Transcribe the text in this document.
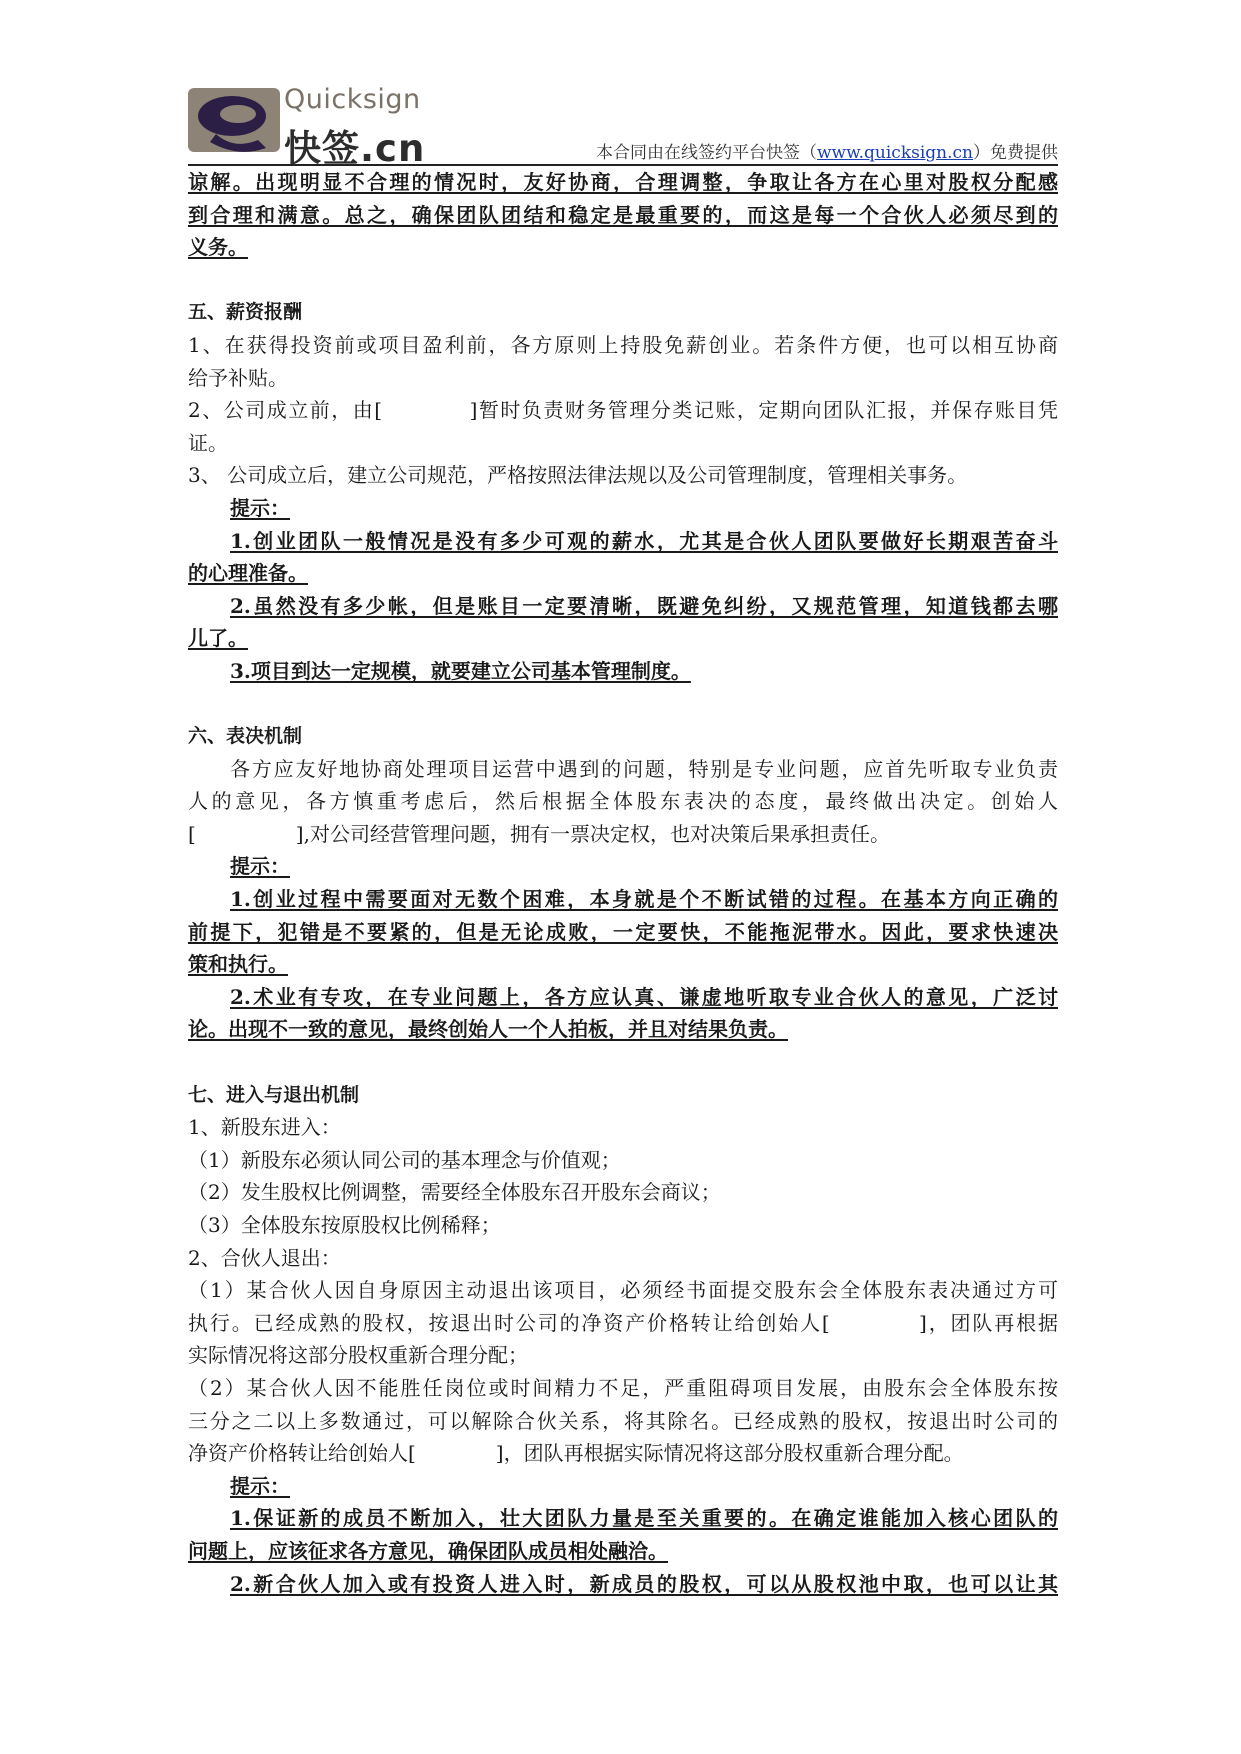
Quicksign
快签.cn	本合同由在线签约平台快签（www.quicksign.cn）免费提供
谅解。出现明显不合理的情况时，友好协商，合理调整，争取让各方在心里对股权分配感
到合理和满意。总之，确保团队团结和稳定是最重要的，而这是每一个合伙人必须尽到的
义务。
五、薪资报酬
1、在获得投资前或项目盈利前，各方原则上持股免薪创业。若条件方便，也可以相互协商
给予补贴。
2、公司成立前，由[　　　　]暂时负责财务管理分类记账，定期向团队汇报，并保存账目凭
证。
3、 公司成立后，建立公司规范，严格按照法律法规以及公司管理制度，管理相关事务。
提示：
1.创业团队一般情况是没有多少可观的薪水，尤其是合伙人团队要做好长期艰苦奋斗
的心理准备。
2.虽然没有多少帐，但是账目一定要清晰，既避免纠纷，又规范管理，知道钱都去哪
儿了。
3.项目到达一定规模，就要建立公司基本管理制度。
六、表决机制
各方应友好地协商处理项目运营中遇到的问题，特别是专业问题，应首先听取专业负责
人的意见，各方慎重考虑后，然后根据全体股东表决的态度，最终做出决定。创始人
[　　　　　],对公司经营管理问题，拥有一票决定权，也对决策后果承担责任。
提示：
1.创业过程中需要面对无数个困难，本身就是个不断试错的过程。在基本方向正确的
前提下，犯错是不要紧的，但是无论成败，一定要快，不能拖泥带水。因此，要求快速决
策和执行。
2.术业有专攻，在专业问题上，各方应认真、谦虚地听取专业合伙人的意见，广泛讨
论。出现不一致的意见，最终创始人一个人拍板，并且对结果负责。
七、进入与退出机制
1、新股东进入：
（1）新股东必须认同公司的基本理念与价值观；
（2）发生股权比例调整，需要经全体股东召开股东会商议；
（3）全体股东按原股权比例稀释；
2、合伙人退出：
（1）某合伙人因自身原因主动退出该项目，必须经书面提交股东会全体股东表决通过方可
执行。已经成熟的股权，按退出时公司的净资产价格转让给创始人[　　　　]，团队再根据
实际情况将这部分股权重新合理分配；
（2）某合伙人因不能胜任岗位或时间精力不足，严重阻碍项目发展，由股东会全体股东按
三分之二以上多数通过，可以解除合伙关系，将其除名。已经成熟的股权，按退出时公司的
净资产价格转让给创始人[　　　　]，团队再根据实际情况将这部分股权重新合理分配。
提示：
1.保证新的成员不断加入，壮大团队力量是至关重要的。在确定谁能加入核心团队的
问题上，应该征求各方意见，确保团队成员相处融洽。
2.新合伙人加入或有投资人进入时，新成员的股权，可以从股权池中取，也可以让其
